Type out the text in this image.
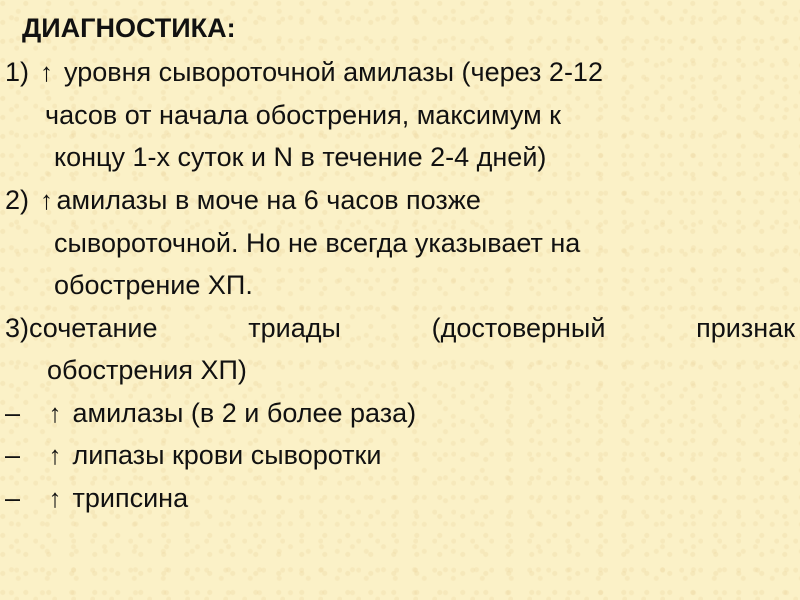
ДИАГНОСТИКА:
1) ↑ уровня сывороточной амилазы (через 2-12
часов от начала обострения, максимум к
концу 1-х суток и N в течение 2-4 дней)
2) ↑ амилазы в моче на 6 часов позже
сывороточной. Но не всегда указывает на
обострение ХП.
3)сочетание	триады	(достоверный	признак
обострения ХП)
– ↑ амилазы (в 2 и более раза)
– ↑ липазы крови сыворотки
– ↑ трипсина
